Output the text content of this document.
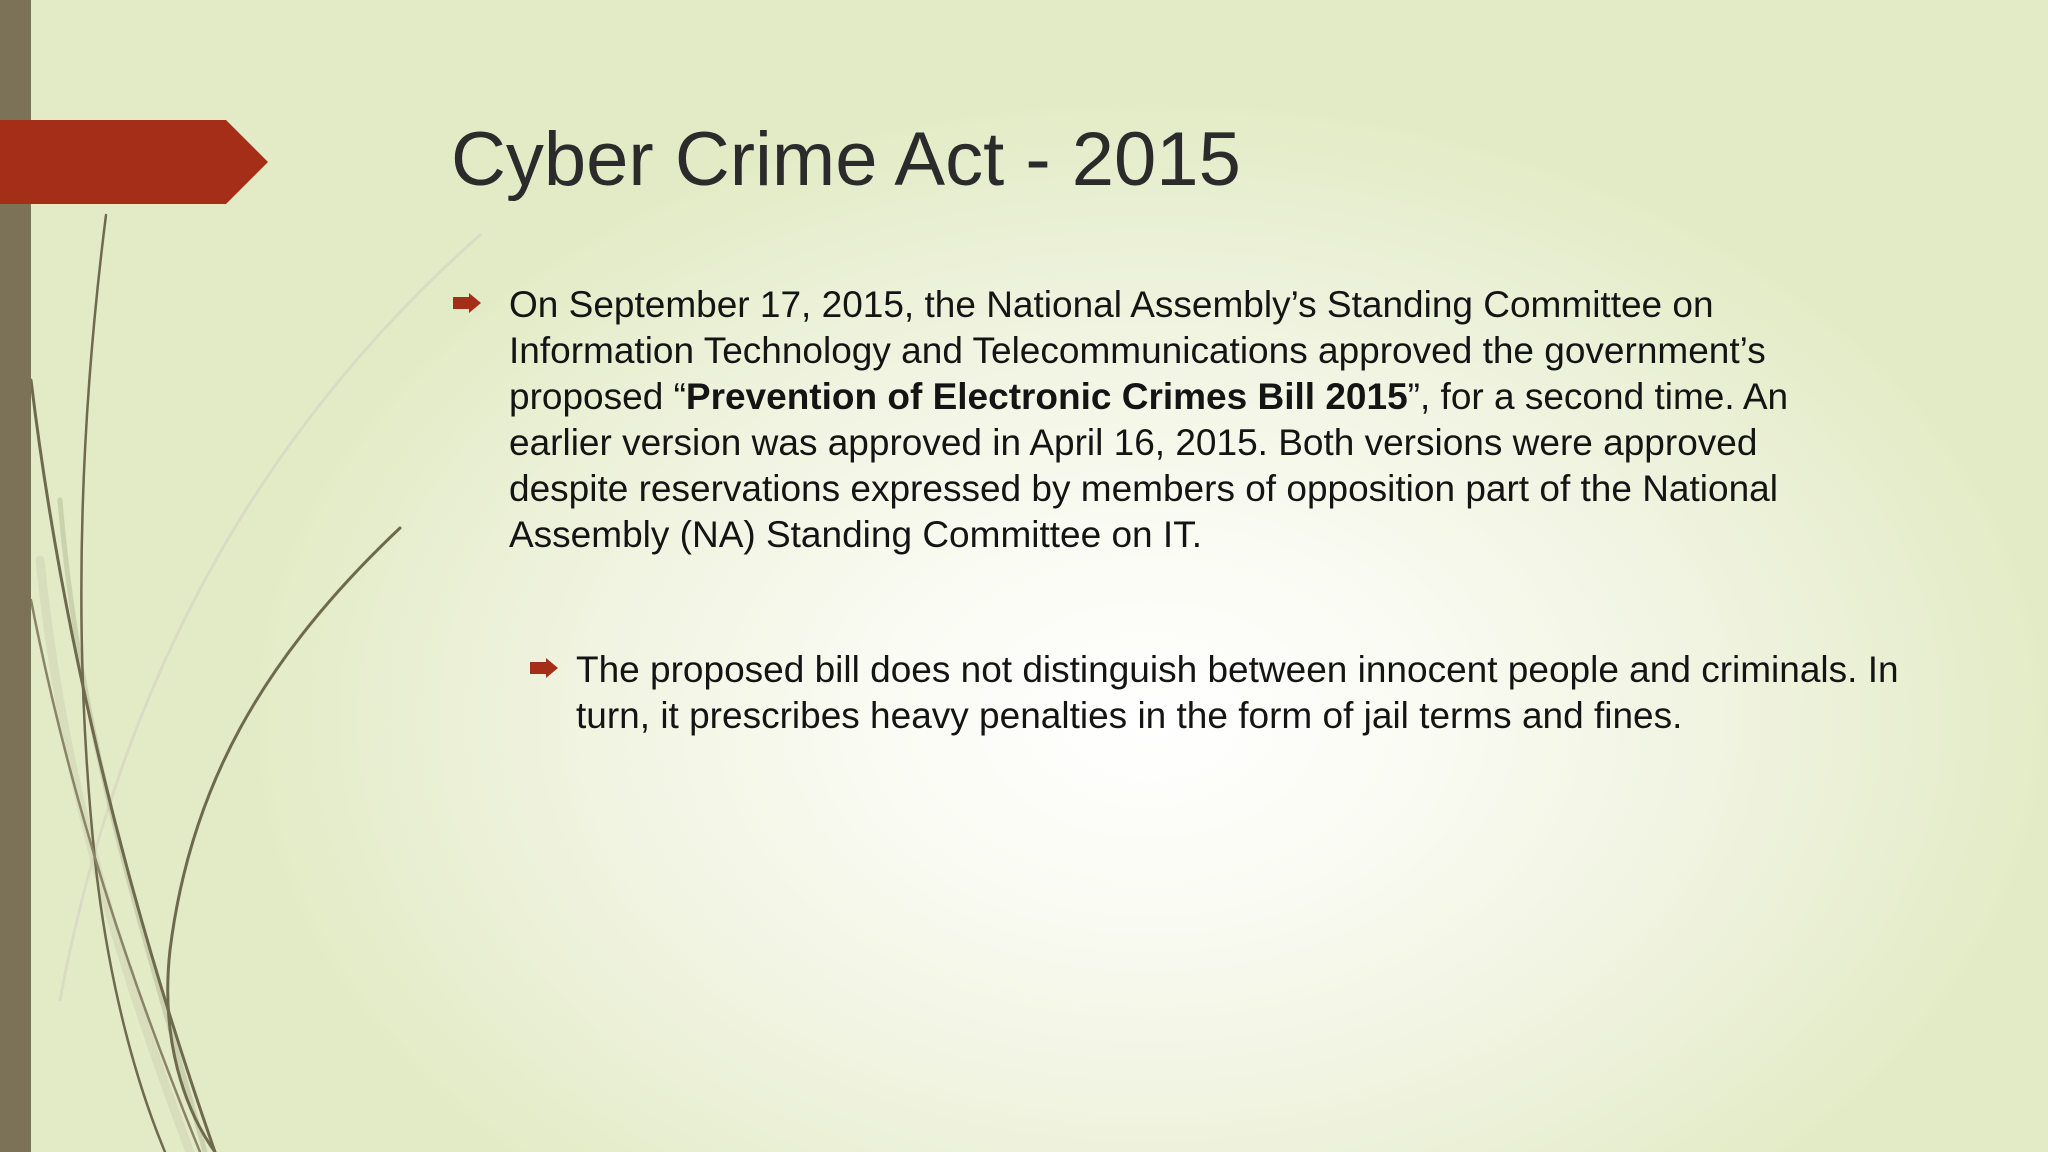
Cyber Crime Act - 2015
On September 17, 2015, the National Assembly’s Standing Committee on Information Technology and Telecommunications approved the government’s proposed “Prevention of Electronic Crimes Bill 2015”, for a second time. An earlier version was approved in April 16, 2015. Both versions were approved despite reservations expressed by members of opposition part of the National Assembly (NA) Standing Committee on IT.
The proposed bill does not distinguish between innocent people and criminals. In turn, it prescribes heavy penalties in the form of jail terms and fines.
